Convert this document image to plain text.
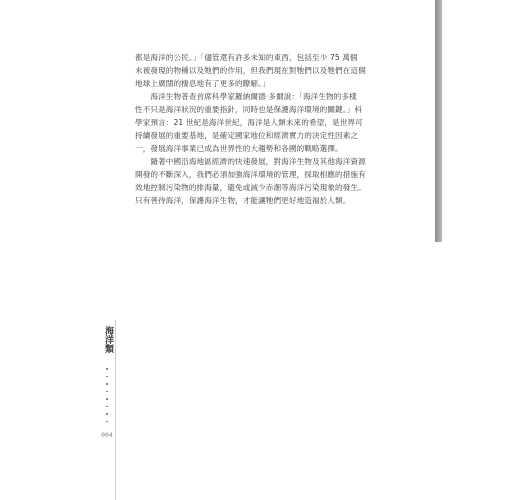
都是海洋的公民。」「儘管還有許多未知的東西，包括至少 75 萬個
未被發現的物種以及牠們的作用，但我們現在對牠們以及牠們在這個
地球上廣闊的棲息地有了更多的瞭解。」

　　海洋生物普查首席科學家羅納爾德·多爾說：「海洋生物的多樣
性不只是海洋狀況的重要指針，同時也是保護海洋環境的關鍵。」科
學家預言：21 世紀是海洋世紀，海洋是人類未來的希望，是世界可
持續發展的重要基地，是確定國家地位和經濟實力的決定性因素之
一，發展海洋事業已成為世界性的大趨勢和各國的戰略選擇。

　　隨著中國沿海地區經濟的快速發展，對海洋生物及其他海洋資源
開發的不斷深入，我們必須加強海洋環境的管理，採取相應的措施有
效地控制污染物的排海量，避免或減少赤潮等海洋污染現象的發生。
只有善待海洋，保護海洋生物，才能讓牠們更好地造福於人類。

海洋類
004
